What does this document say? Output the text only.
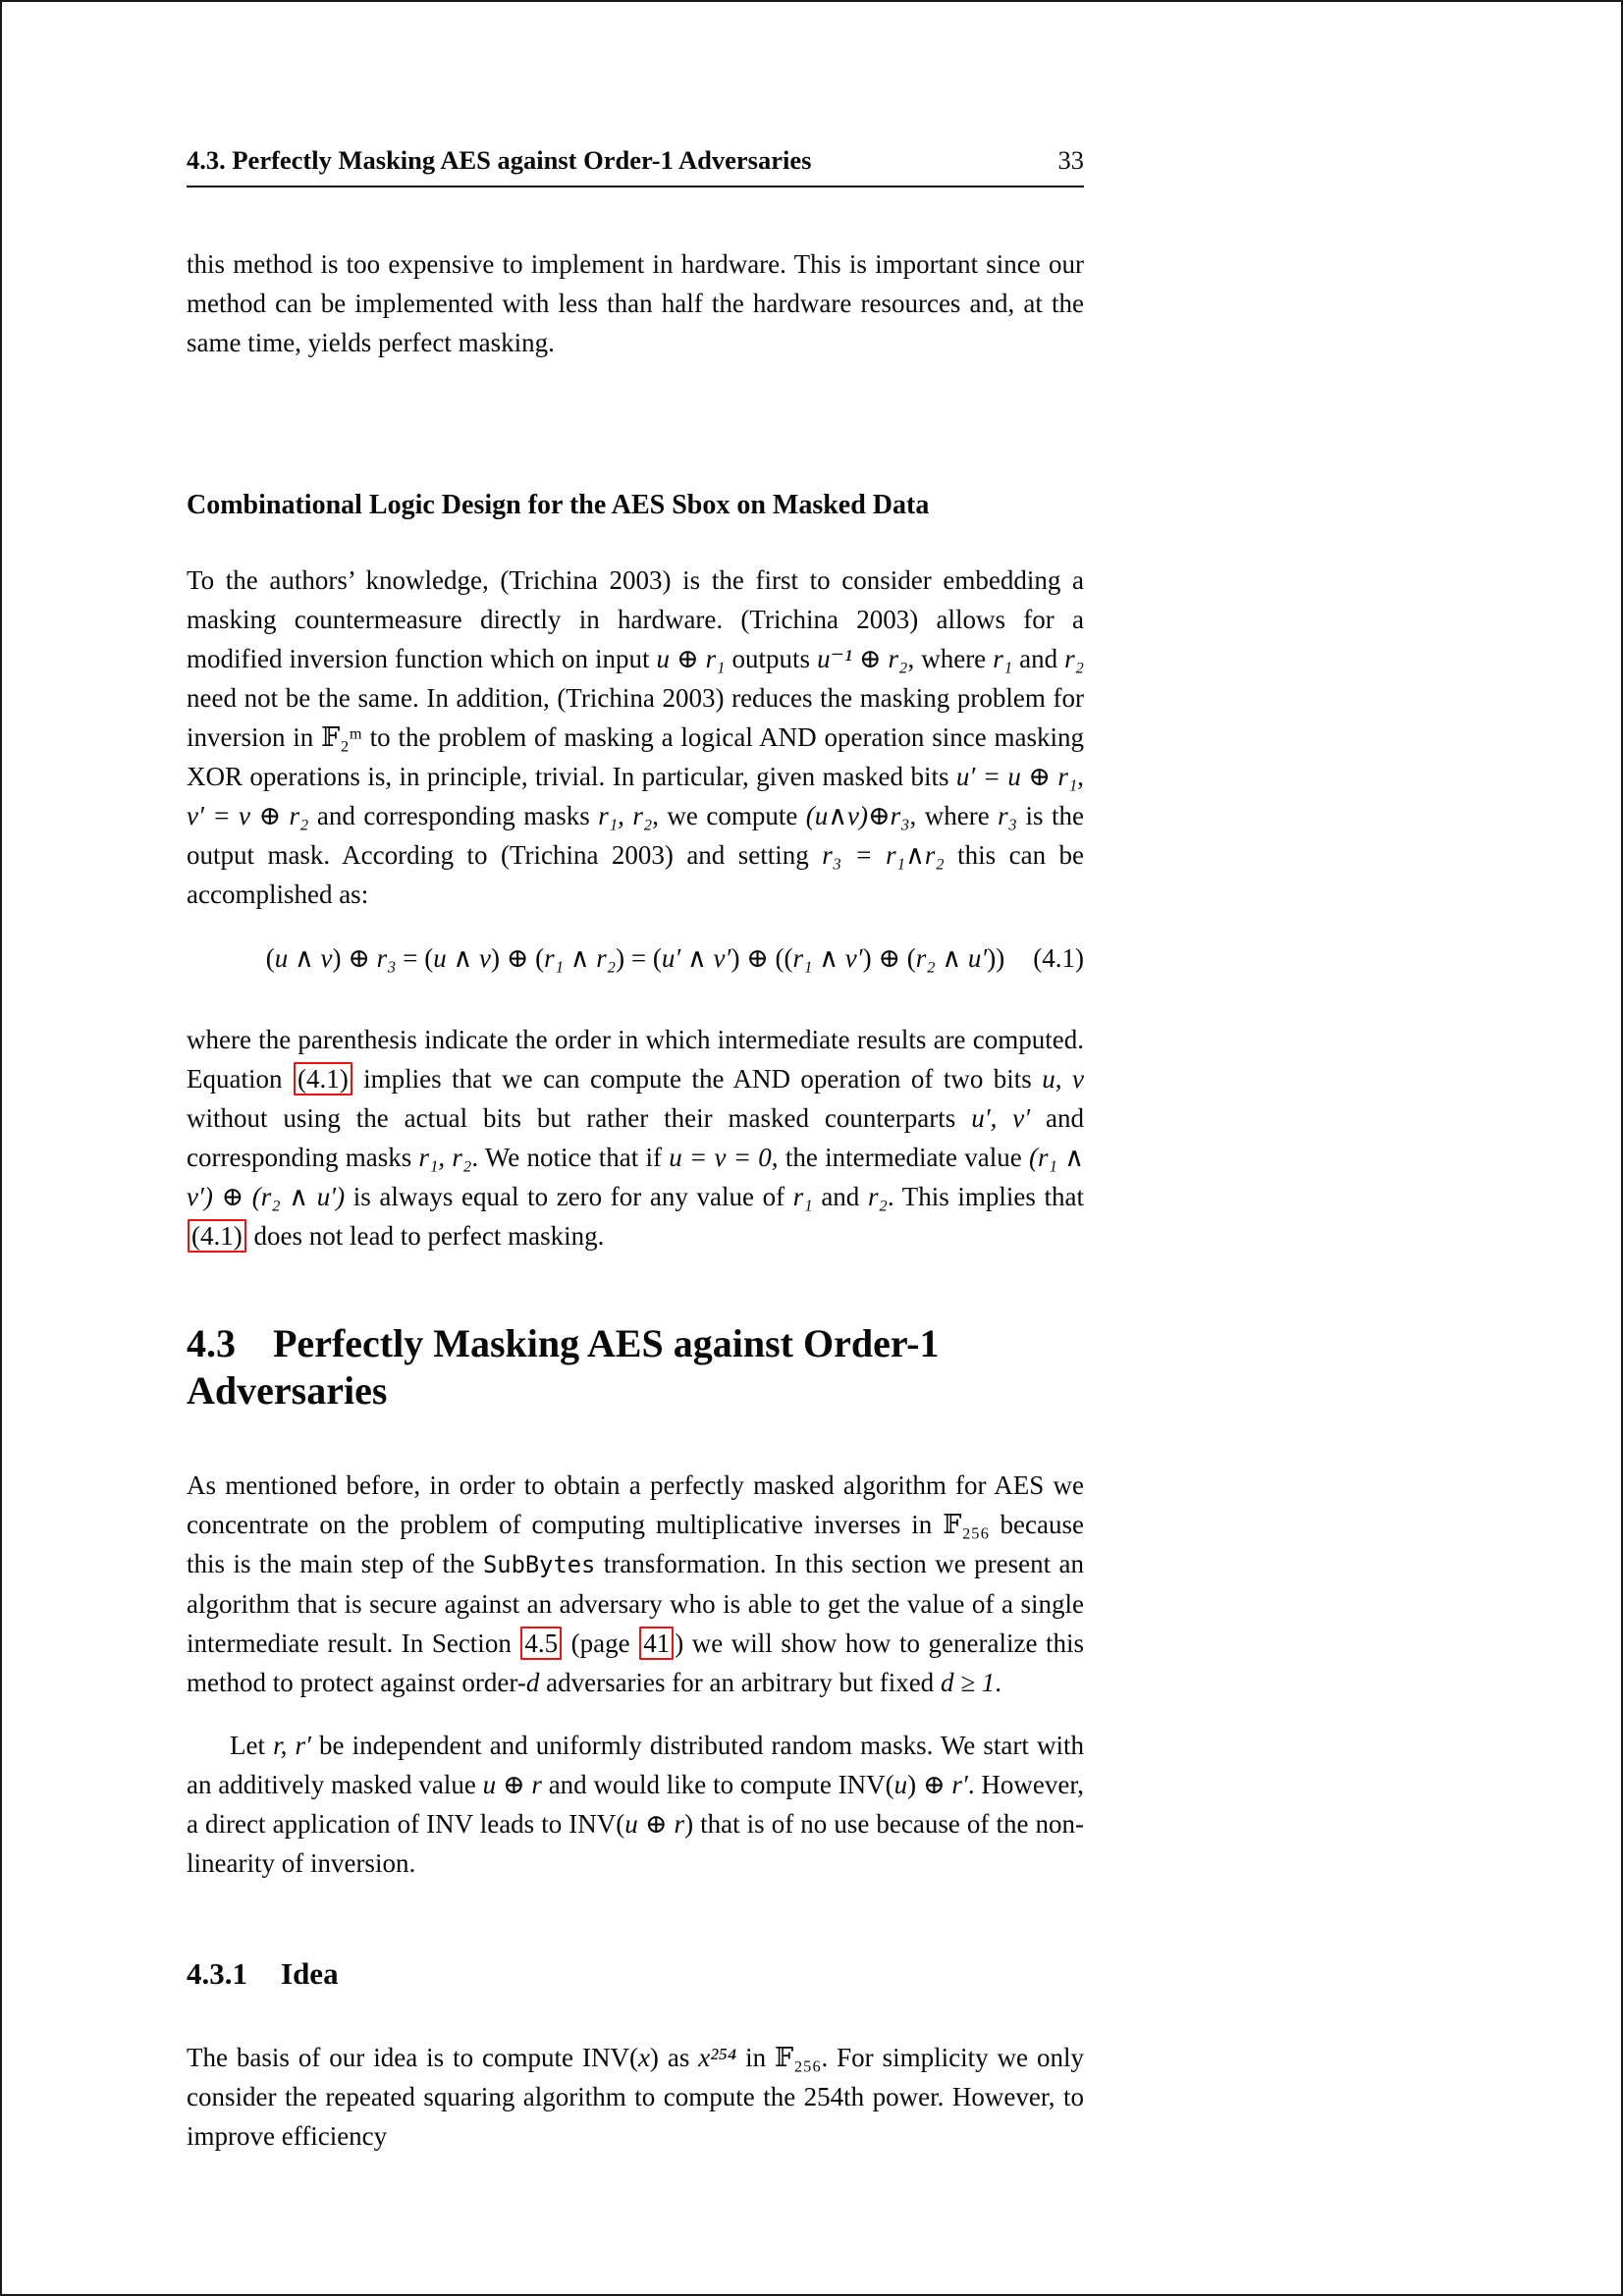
4.3. Perfectly Masking AES against Order-1 Adversaries	33

this method is too expensive to implement in hardware. This is important since our method can be implemented with less than half the hardware resources and, at the same time, yields perfect masking.

Combinational Logic Design for the AES Sbox on Masked Data

To the authors’ knowledge, (Trichina 2003) is the first to consider embedding a masking countermeasure directly in hardware. (Trichina 2003) allows for a modified inversion function which on input u ⊕ r₁ outputs u⁻¹ ⊕ r₂, where r₁ and r₂ need not be the same. In addition, (Trichina 2003) reduces the masking problem for inversion in 𝔽₂ᵐ to the problem of masking a logical AND operation since masking XOR operations is, in principle, trivial. In particular, given masked bits u′ = u ⊕ r₁, v′ = v ⊕ r₂ and corresponding masks r₁, r₂, we compute (u∧v)⊕r₃, where r₃ is the output mask. According to (Trichina 2003) and setting r₃ = r₁∧r₂ this can be accomplished as:

(u ∧ v) ⊕ r₃ = (u ∧ v) ⊕ (r₁ ∧ r₂) = (u′ ∧ v′) ⊕ ((r₁ ∧ v′) ⊕ (r₂ ∧ u′)) (4.1)

where the parenthesis indicate the order in which intermediate results are computed. Equation (4.1) implies that we can compute the AND operation of two bits u, v without using the actual bits but rather their masked counterparts u′, v′ and corresponding masks r₁, r₂. We notice that if u = v = 0, the intermediate value (r₁ ∧ v′) ⊕ (r₂ ∧ u′) is always equal to zero for any value of r₁ and r₂. This implies that (4.1) does not lead to perfect masking.

4.3 Perfectly Masking AES against Order-1 Adversaries

As mentioned before, in order to obtain a perfectly masked algorithm for AES we concentrate on the problem of computing multiplicative inverses in 𝔽₂₅₆ because this is the main step of the SubBytes transformation. In this section we present an algorithm that is secure against an adversary who is able to get the value of a single intermediate result. In Section 4.5 (page 41 ) we will show how to generalize this method to protect against order-d adversaries for an arbitrary but fixed d ≥ 1.

Let r, r′ be independent and uniformly distributed random masks. We start with an additively masked value u ⊕ r and would like to compute INV(u) ⊕ r′. However, a direct application of INV leads to INV(u ⊕ r) that is of no use because of the non-linearity of inversion.

4.3.1 Idea

The basis of our idea is to compute INV(x) as x²⁵⁴ in 𝔽₂₅₆. For simplicity we only consider the repeated squaring algorithm to compute the 254th power. However, to improve efficiency
